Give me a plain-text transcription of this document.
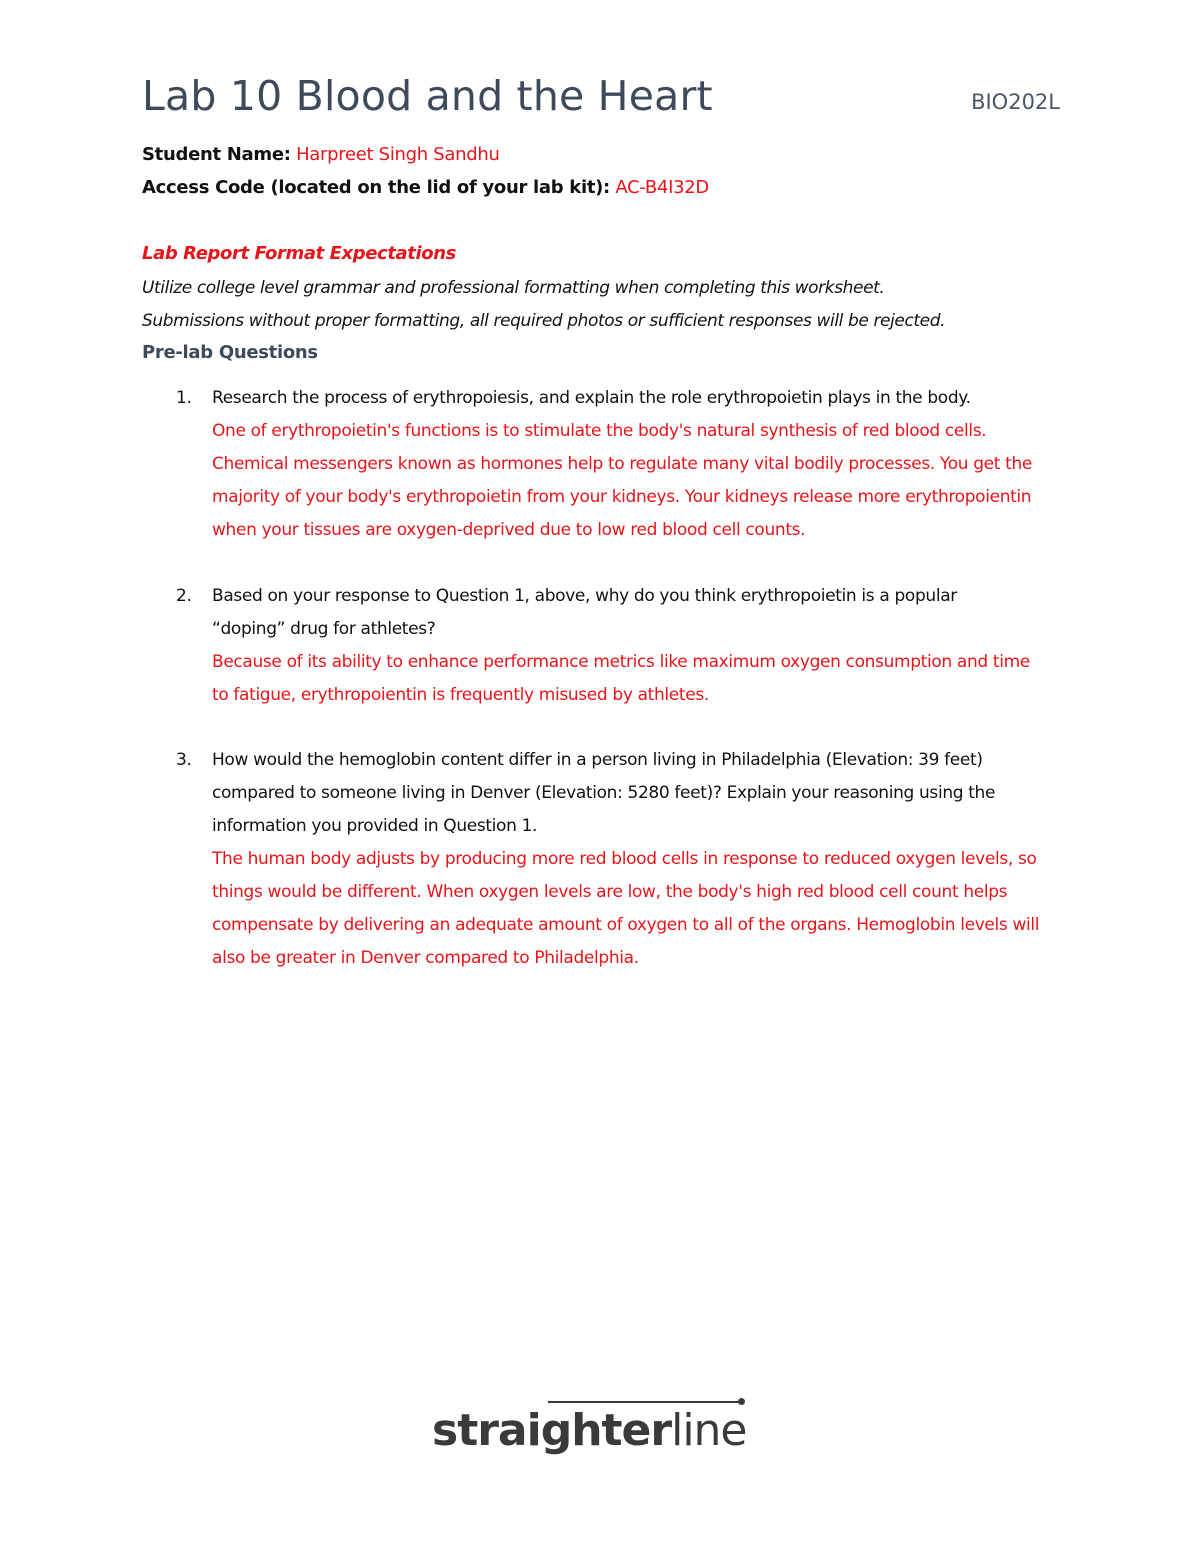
Lab 10 Blood and the Heart	BIO202L
Student Name: Harpreet Singh Sandhu
Access Code (located on the lid of your lab kit): AC-B4I32D
Lab Report Format Expectations
Utilize college level grammar and professional formatting when completing this worksheet.
Submissions without proper formatting, all required photos or sufficient responses will be rejected.
Pre-lab Questions
1. Research the process of erythropoiesis, and explain the role erythropoietin plays in the body.
One of erythropoietin's functions is to stimulate the body's natural synthesis of red blood cells. Chemical messengers known as hormones help to regulate many vital bodily processes. You get the majority of your body's erythropoietin from your kidneys. Your kidneys release more erythropoientin when your tissues are oxygen-deprived due to low red blood cell counts.
2. Based on your response to Question 1, above, why do you think erythropoietin is a popular “doping” drug for athletes?
Because of its ability to enhance performance metrics like maximum oxygen consumption and time to fatigue, erythropoientin is frequently misused by athletes.
3. How would the hemoglobin content differ in a person living in Philadelphia (Elevation: 39 feet) compared to someone living in Denver (Elevation: 5280 feet)? Explain your reasoning using the information you provided in Question 1.
The human body adjusts by producing more red blood cells in response to reduced oxygen levels, so things would be different. When oxygen levels are low, the body's high red blood cell count helps compensate by delivering an adequate amount of oxygen to all of the organs. Hemoglobin levels will also be greater in Denver compared to Philadelphia.
straighterline
